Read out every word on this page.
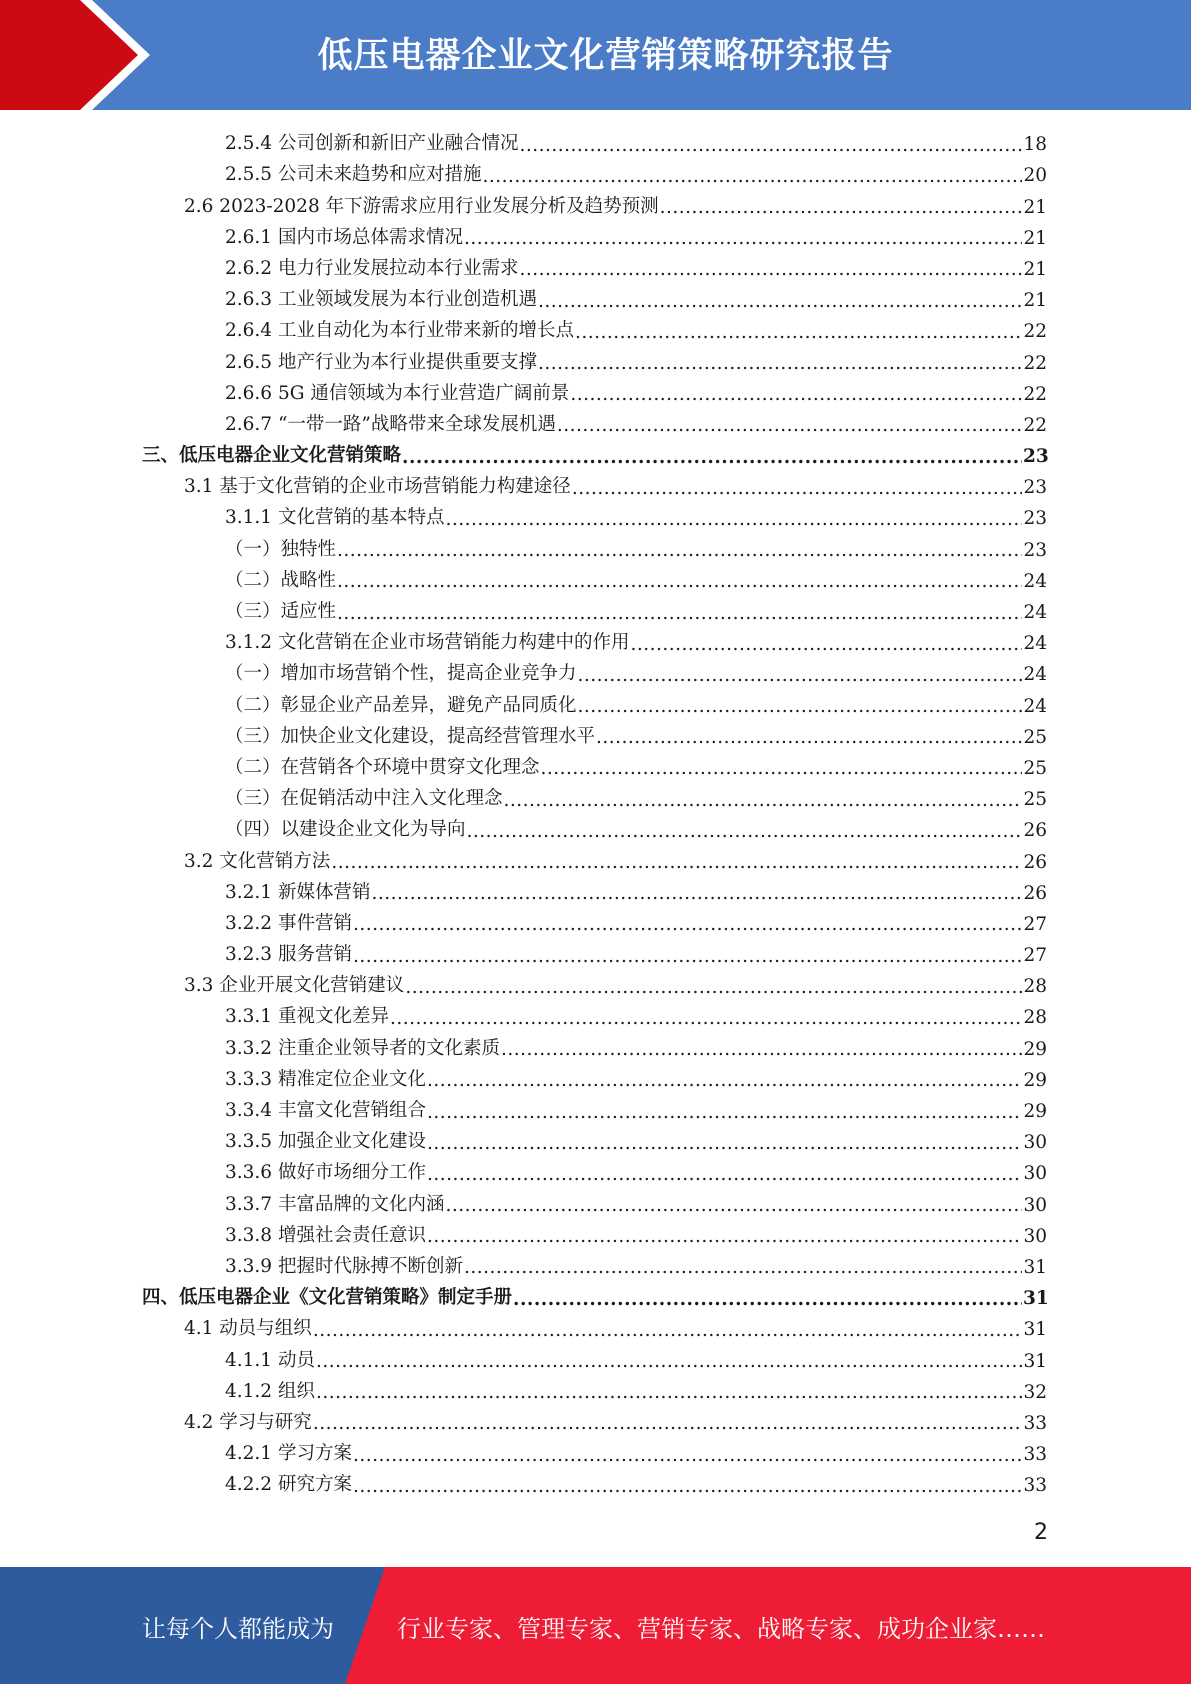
低压电器企业文化营销策略研究报告
2.5.4 公司创新和新旧产业融合情况 .....	18
2.5.5 公司未来趋势和应对措施 .....	20
2.6 2023-2028 年下游需求应用行业发展分析及趋势预测 .....	21
2.6.1 国内市场总体需求情况 .....	21
2.6.2 电力行业发展拉动本行业需求 .....	21
2.6.3 工业领域发展为本行业创造机遇 .....	21
2.6.4 工业自动化为本行业带来新的增长点 .....	22
2.6.5 地产行业为本行业提供重要支撑 .....	22
2.6.6 5G 通信领域为本行业营造广阔前景 .....	22
2.6.7 “一带一路”战略带来全球发展机遇 .....	22
三、低压电器企业文化营销策略 .....	23
3.1 基于文化营销的企业市场营销能力构建途径 .....	23
3.1.1 文化营销的基本特点 .....	23
（一）独特性 .....	23
（二）战略性 .....	24
（三）适应性 .....	24
3.1.2 文化营销在企业市场营销能力构建中的作用 .....	24
（一）增加市场营销个性，提高企业竞争力 .....	24
（二）彰显企业产品差异，避免产品同质化 .....	24
（三）加快企业文化建设，提高经营管理水平 .....	25
（二）在营销各个环境中贯穿文化理念 .....	25
（三）在促销活动中注入文化理念 .....	25
（四）以建设企业文化为导向 .....	26
3.2 文化营销方法 .....	26
3.2.1 新媒体营销 .....	26
3.2.2 事件营销 .....	27
3.2.3 服务营销 .....	27
3.3 企业开展文化营销建议 .....	28
3.3.1 重视文化差异 .....	28
3.3.2 注重企业领导者的文化素质 .....	29
3.3.3 精准定位企业文化 .....	29
3.3.4 丰富文化营销组合 .....	29
3.3.5 加强企业文化建设 .....	30
3.3.6 做好市场细分工作 .....	30
3.3.7 丰富品牌的文化内涵 .....	30
3.3.8 增强社会责任意识 .....	30
3.3.9 把握时代脉搏不断创新 .....	31
四、低压电器企业《文化营销策略》制定手册 .....	31
4.1 动员与组织 .....	31
4.1.1 动员 .....	31
4.1.2 组织 .....	32
4.2 学习与研究 .....	33
4.2.1 学习方案 .....	33
4.2.2 研究方案 .....	33
2
让每个人都能成为	行业专家、管理专家、营销专家、战略专家、成功企业家……
